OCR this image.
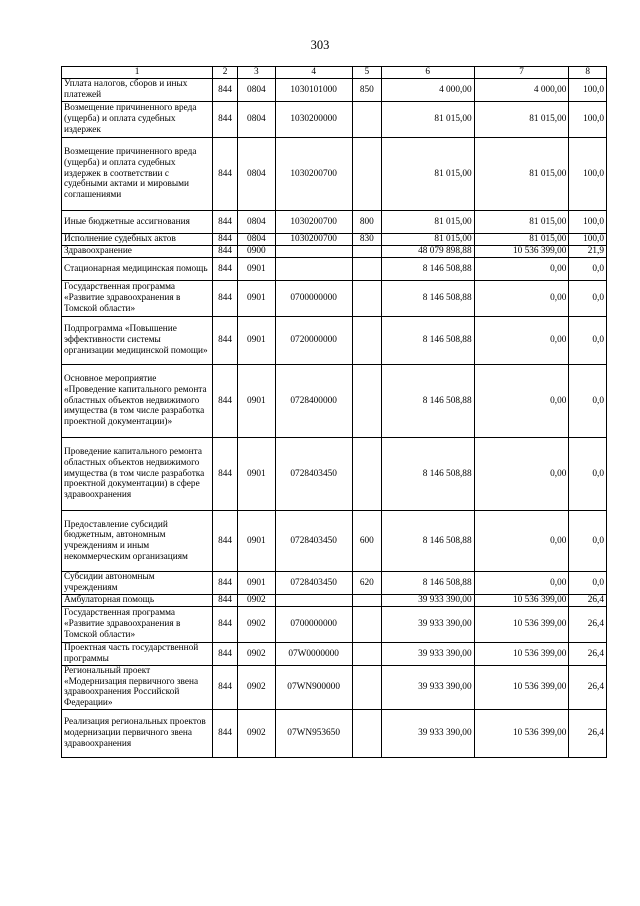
303
1	2	3	4	5	6	7	8
Уплата налогов, сборов и иных платежей	844	0804	1030101000	850	4 000,00	4 000,00	100,0
Возмещение причиненного вреда (ущерба) и оплата судебных издержек	844	0804	1030200000		81 015,00	81 015,00	100,0
Возмещение причиненного вреда (ущерба) и оплата судебных издержек в соответствии с судебными актами и мировыми соглашениями	844	0804	1030200700		81 015,00	81 015,00	100,0
Иные бюджетные ассигнования	844	0804	1030200700	800	81 015,00	81 015,00	100,0
Исполнение судебных актов	844	0804	1030200700	830	81 015,00	81 015,00	100,0
Здравоохранение	844	0900			48 079 898,88	10 536 399,00	21,9
Стационарная медицинская помощь	844	0901			8 146 508,88	0,00	0,0
Государственная программа «Развитие здравоохранения в Томской области»	844	0901	0700000000		8 146 508,88	0,00	0,0
Подпрограмма «Повышение эффективности системы организации медицинской помощи»	844	0901	0720000000		8 146 508,88	0,00	0,0
Основное мероприятие «Проведение капитального ремонта областных объектов недвижимого имущества (в том числе разработка проектной документации)»	844	0901	0728400000		8 146 508,88	0,00	0,0
Проведение капитального ремонта областных объектов недвижимого имущества (в том числе разработка проектной документации) в сфере здравоохранения	844	0901	0728403450		8 146 508,88	0,00	0,0
Предоставление субсидий бюджетным, автономным учреждениям и иным некоммерческим организациям	844	0901	0728403450	600	8 146 508,88	0,00	0,0
Субсидии автономным учреждениям	844	0901	0728403450	620	8 146 508,88	0,00	0,0
Амбулаторная помощь	844	0902			39 933 390,00	10 536 399,00	26,4
Государственная программа «Развитие здравоохранения в Томской области»	844	0902	0700000000		39 933 390,00	10 536 399,00	26,4
Проектная часть государственной программы	844	0902	07W0000000		39 933 390,00	10 536 399,00	26,4
Региональный проект «Модернизация первичного звена здравоохранения Российской Федерации»	844	0902	07WN900000		39 933 390,00	10 536 399,00	26,4
Реализация региональных проектов модернизации первичного звена здравоохранения	844	0902	07WN953650		39 933 390,00	10 536 399,00	26,4
